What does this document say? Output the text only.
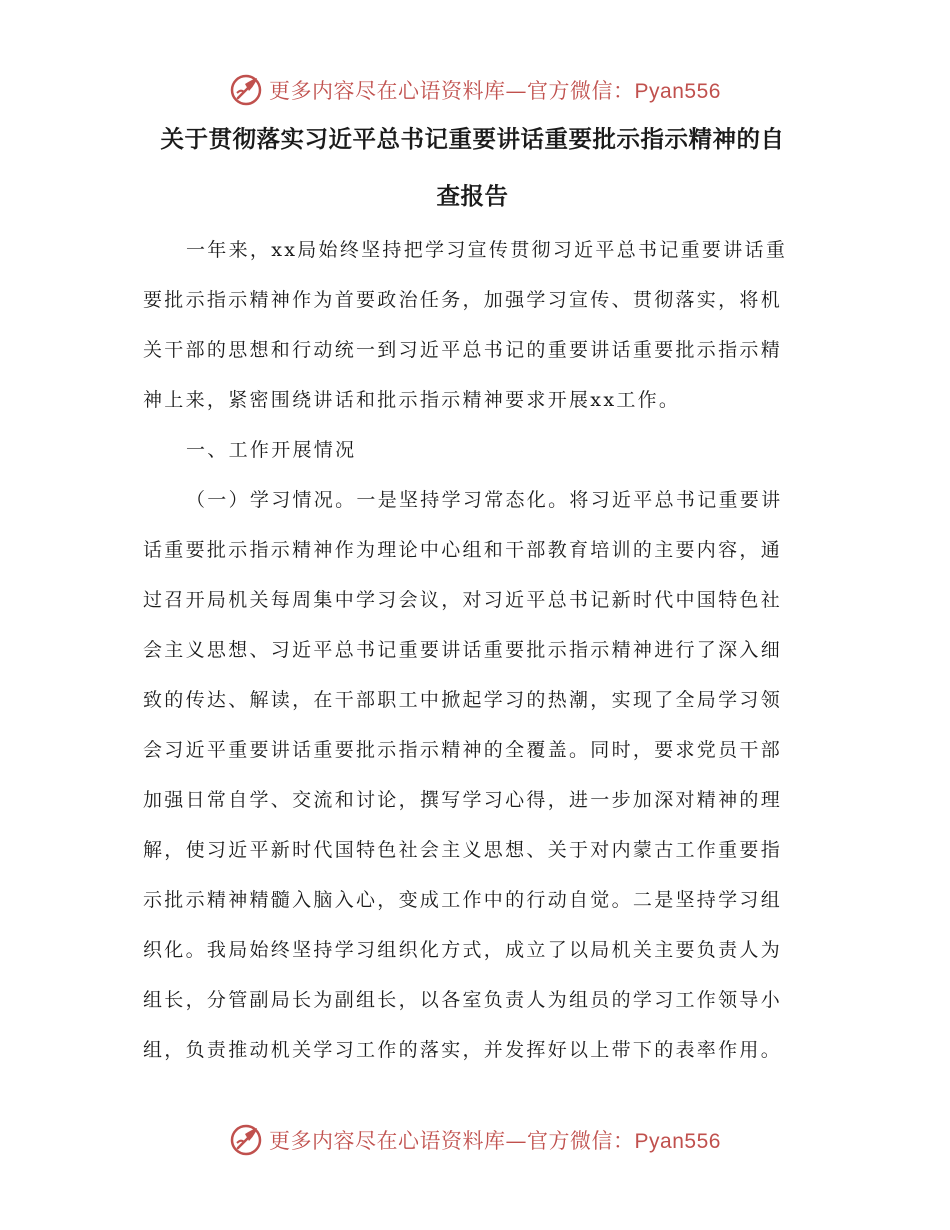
更多内容尽在心语资料库—官方微信：Pyan556
关于贯彻落实习近平总书记重要讲话重要批示指示精神的自
查报告

一年来，xx局始终坚持把学习宣传贯彻习近平总书记重要讲话重

要批示指示精神作为首要政治任务，加强学习宣传、贯彻落实，将机

关干部的思想和行动统一到习近平总书记的重要讲话重要批示指示精

神上来，紧密围绕讲话和批示指示精神要求开展xx工作。

一、工作开展情况

（一）学习情况。一是坚持学习常态化。将习近平总书记重要讲

话重要批示指示精神作为理论中心组和干部教育培训的主要内容，通

过召开局机关每周集中学习会议，对习近平总书记新时代中国特色社

会主义思想、习近平总书记重要讲话重要批示指示精神进行了深入细

致的传达、解读，在干部职工中掀起学习的热潮，实现了全局学习领

会习近平重要讲话重要批示指示精神的全覆盖。同时，要求党员干部

加强日常自学、交流和讨论，撰写学习心得，进一步加深对精神的理

解，使习近平新时代国特色社会主义思想、关于对内蒙古工作重要指

示批示精神精髓入脑入心，变成工作中的行动自觉。二是坚持学习组

织化。我局始终坚持学习组织化方式，成立了以局机关主要负责人为

组长，分管副局长为副组长，以各室负责人为组员的学习工作领导小

组，负责推动机关学习工作的落实，并发挥好以上带下的表率作用。

更多内容尽在心语资料库—官方微信：Pyan556
